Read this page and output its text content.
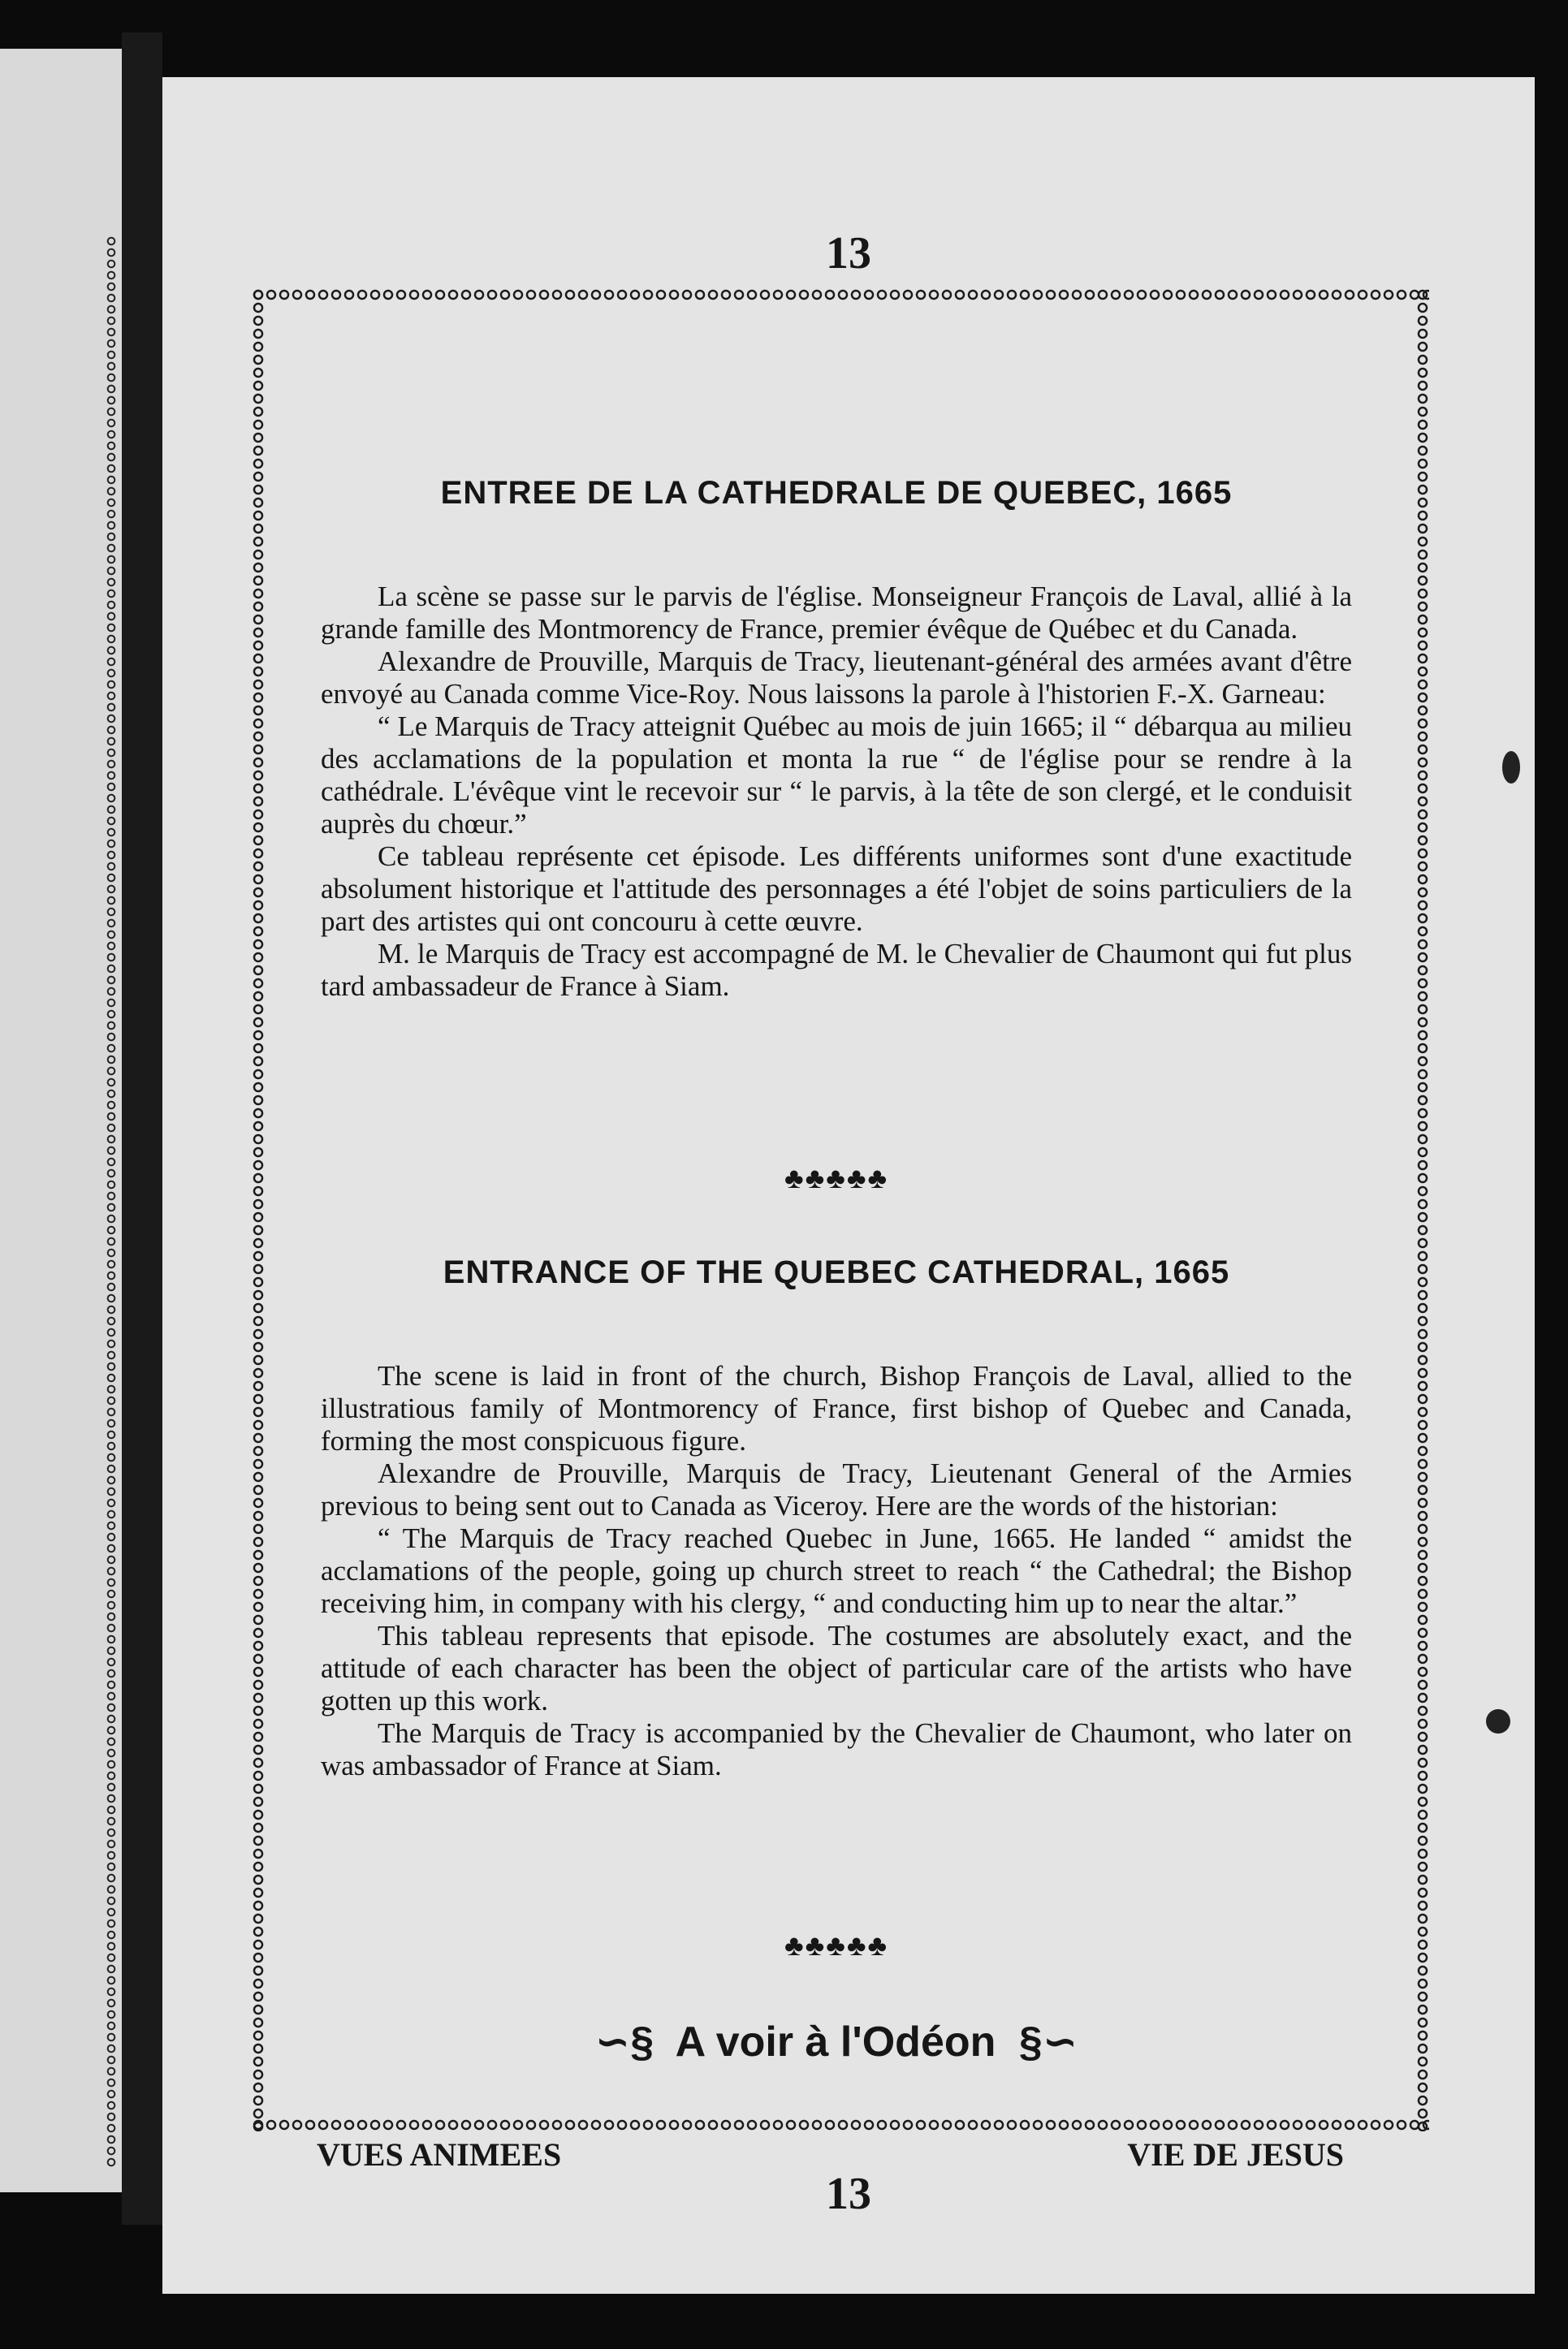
13
ENTREE DE LA CATHEDRALE DE QUEBEC, 1665

La scène se passe sur le parvis de l'église. Monseigneur François de Laval, allié à la grande famille des Montmorency de France, premier évêque de Québec et du Canada.

Alexandre de Prouville, Marquis de Tracy, lieutenant-général des armées avant d'être envoyé au Canada comme Vice-Roy. Nous laissons la parole à l'historien F.-X. Garneau:

“ Le Marquis de Tracy atteignit Québec au mois de juin 1665; il “ débarqua au milieu des acclamations de la population et monta la rue “ de l'église pour se rendre à la cathédrale. L'évêque vint le recevoir sur “ le parvis, à la tête de son clergé, et le conduisit auprès du chœur.”

Ce tableau représente cet épisode. Les différents uniformes sont d'une exactitude absolument historique et l'attitude des personnages a été l'objet de soins particuliers de la part des artistes qui ont concouru à cette œuvre.

M. le Marquis de Tracy est accompagné de M. le Chevalier de Chaumont qui fut plus tard ambassadeur de France à Siam.

♣♣♣♣♣
ENTRANCE OF THE QUEBEC CATHEDRAL, 1665

The scene is laid in front of the church, Bishop François de Laval, allied to the illustratious family of Montmorency of France, first bishop of Quebec and Canada, forming the most conspicuous figure.

Alexandre de Prouville, Marquis de Tracy, Lieutenant General of the Armies previous to being sent out to Canada as Viceroy. Here are the words of the historian:

“ The Marquis de Tracy reached Quebec in June, 1665. He landed “ amidst the acclamations of the people, going up church street to reach “ the Cathedral; the Bishop receiving him, in company with his clergy, “ and conducting him up to near the altar.”

This tableau represents that episode. The costumes are absolutely exact, and the attitude of each character has been the object of particular care of the artists who have gotten up this work.

The Marquis de Tracy is accompanied by the Chevalier de Chaumont, who later on was ambassador of France at Siam.

♣♣♣♣♣
∽§ A voir à l'Odéon §∽
VUES ANIMEES	VIE DE JESUS
13
